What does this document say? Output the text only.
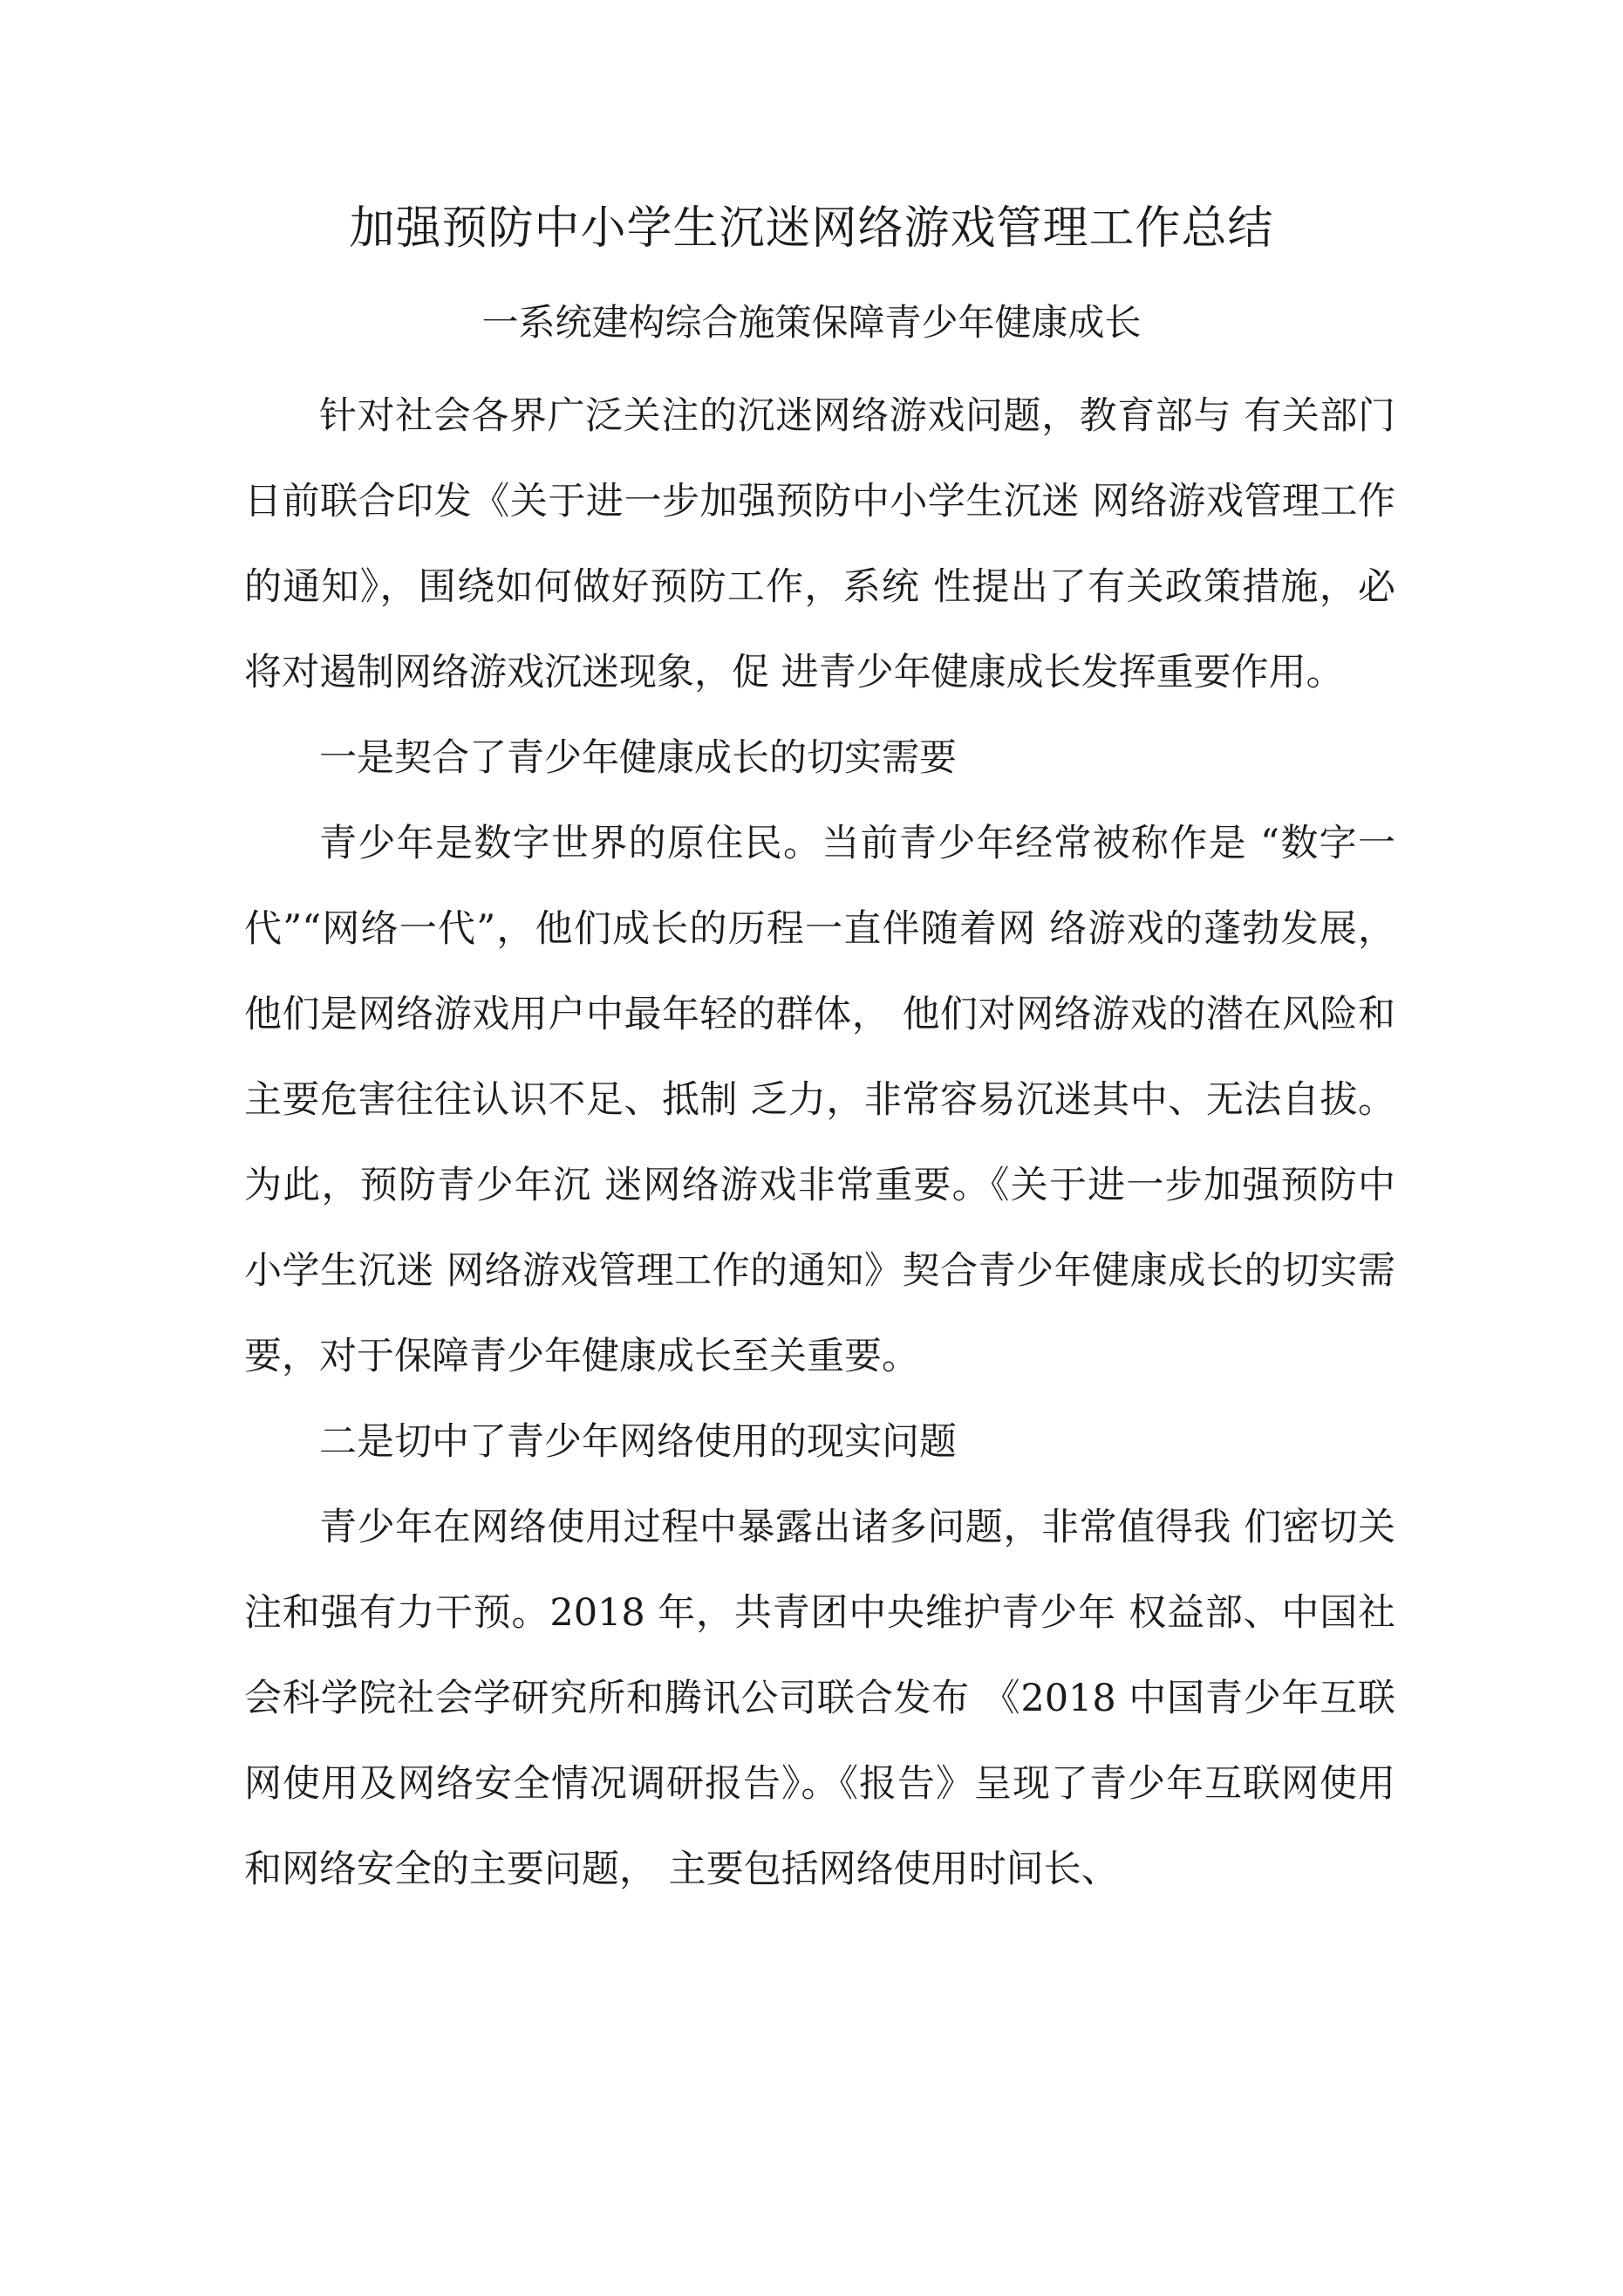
加强预防中小学生沉迷网络游戏管理工作总结
一系统建构综合施策保障青少年健康成长

针对社会各界广泛关注的沉迷网络游戏问题，教育部与 有关部门日前联合印发《关于进一步加强预防中小学生沉迷 网络游戏管理工作的通知》，围绕如何做好预防工作，系统 性提出了有关政策措施，必将对遏制网络游戏沉迷现象，促 进青少年健康成长发挥重要作用。

一是契合了青少年健康成长的切实需要

青少年是数字世界的原住民。当前青少年经常被称作是 “数字一代”“网络一代”，他们成长的历程一直伴随着网 络游戏的蓬勃发展，他们是网络游戏用户中最年轻的群体， 他们对网络游戏的潜在风险和主要危害往往认识不足、抵制 乏力，非常容易沉迷其中、无法自拔。为此，预防青少年沉 迷网络游戏非常重要。《关于进一步加强预防中小学生沉迷 网络游戏管理工作的通知》契合青少年健康成长的切实需 要，对于保障青少年健康成长至关重要。

二是切中了青少年网络使用的现实问题

青少年在网络使用过程中暴露出诸多问题，非常值得我 们密切关注和强有力干预。2018 年，共青团中央维护青少年 权益部、中国社会科学院社会学研究所和腾讯公司联合发布 《2018 中国青少年互联网使用及网络安全情况调研报告》。《报告》呈现了青少年互联网使用和网络安全的主要问题， 主要包括网络使用时间长、
